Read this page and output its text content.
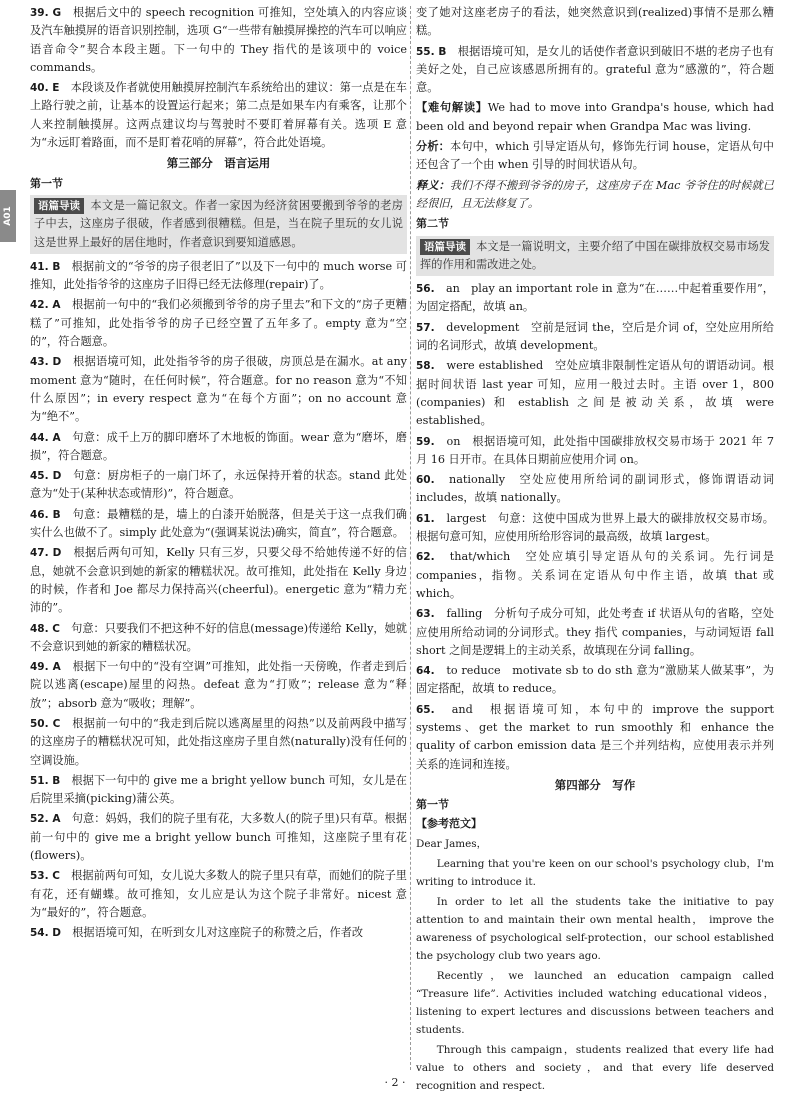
A01

39. G　 根据后文中的 speech recognition 可推知，空处填入的内容应谈及汽车触摸屏的语音识别控制，选项 G“一些带有触摸屏操控的汽车可以响应语音命令”契合本段主题。下一句中的 They 指代的是该项中的 voice commands。

40. E　 本段谈及作者就使用触摸屏控制汽车系统给出的建议：第一点是在车上路行驶之前，让基本的设置运行起来；第二点是如果车内有乘客，让那个人来控制触摸屏。这两点建议均与驾驶时不要盯着屏幕有关。选项 E 意为“永远盯着路面，而不是盯着花哨的屏幕”，符合此处语境。

第三部分　语言运用
第一节
语篇导读 本文是一篇记叙文。作者一家因为经济贫困要搬到爷爷的老房子中去，这座房子很破，作者感到很糟糕。但是，当在院子里玩的女儿说这是世界上最好的居住地时，作者意识到要知道感恩。

41. B　 根据前文的“爷爷的房子很老旧了”以及下一句中的 much worse 可推知，此处指爷爷的这座房子旧得已经无法修理(repair)了。

42. A　 根据前一句中的“我们必须搬到爷爷的房子里去”和下文的“房子更糟糕了”可推知，此处指爷爷的房子已经空置了五年多了。empty 意为“空的”，符合题意。

43. D　 根据语境可知，此处指爷爷的房子很破，房顶总是在漏水。at any moment 意为“随时，在任何时候”，符合题意。for no reason 意为“不知什么原因”；in every respect 意为“在每个方面”；on no account 意为“绝不”。

44. A　 句意：成千上万的脚印磨坏了木地板的饰面。wear 意为“磨坏，磨损”，符合题意。

45. D　 句意：厨房柜子的一扇门坏了，永远保持开着的状态。stand 此处意为“处于(某种状态或情形)”，符合题意。

46. B　 句意：最糟糕的是，墙上的白漆开始脱落，但是关于这一点我们确实什么也做不了。simply 此处意为“(强调某说法)确实，简直”，符合题意。

47. D　 根据后两句可知，Kelly 只有三岁，只要父母不给她传递不好的信息，她就不会意识到她的新家的糟糕状况。故可推知，此处指在 Kelly 身边的时候，作者和 Joe 都尽力保持高兴(cheerful)。energetic 意为“精力充沛的”。

48. C　 句意：只要我们不把这种不好的信息(message)传递给 Kelly，她就不会意识到她的新家的糟糕状况。

49. A　 根据下一句中的“没有空调”可推知，此处指一天傍晚，作者走到后院以逃离(escape)屋里的闷热。defeat 意为“打败”；release 意为“释放”；absorb 意为“吸收；理解”。

50. C　 根据前一句中的“我走到后院以逃离屋里的闷热”以及前两段中描写的这座房子的糟糕状况可知，此处指这座房子里自然(naturally)没有任何的空调设施。

51. B　 根据下一句中的 give me a bright yellow bunch 可知，女儿是在后院里采摘(picking)蒲公英。

52. A　 句意：妈妈，我们的院子里有花，大多数人(的院子里)只有草。根据前一句中的 give me a bright yellow bunch 可推知，这座院子里有花(flowers)。

53. C　 根据前两句可知，女儿说大多数人的院子里只有草，而她们的院子里有花，还有蝴蝶。故可推知，女儿应是认为这个院子非常好。nicest 意为“最好的”，符合题意。

54. D　 根据语境可知，在听到女儿对这座院子的称赞之后，作者改

变了她对这座老房子的看法，她突然意识到(realized)事情不是那么糟糕。

55. B　 根据语境可知，是女儿的话使作者意识到破旧不堪的老房子也有美好之处，自己应该感恩所拥有的。grateful 意为“感激的”，符合题意。

【难句解读】We had to move into Grandpa's house, which had been old and beyond repair when Grandpa Mac was living.

分析：本句中，which 引导定语从句，修饰先行词 house，定语从句中还包含了一个由 when 引导的时间状语从句。

释义：我们不得不搬到爷爷的房子，这座房子在 Mac 爷爷住的时候就已经很旧，且无法修复了。

第二节
语篇导读 本文是一篇说明文，主要介绍了中国在碳排放权交易市场发挥的作用和需改进之处。

56.　 an　play an important role in 意为“在……中起着重要作用”，为固定搭配，故填 an。

57.　 development　空前是冠词 the，空后是介词 of，空处应用所给词的名词形式，故填 development。

58.　 were established　空处应填非限制性定语从句的谓语动词。根据时间状语 last year 可知，应用一般过去时。主语 over 1，800 (companies) 和 establish 之间是被动关系，故填 were established。

59.　 on　根据语境可知，此处指中国碳排放权交易市场于 2021 年 7 月 16 日开市。在具体日期前应使用介词 on。

60.　 nationally　空处应使用所给词的副词形式，修饰谓语动词 includes，故填 nationally。

61.　 largest　句意：这使中国成为世界上最大的碳排放权交易市场。根据句意可知，应使用所给形容词的最高级，故填 largest。

62.　 that/which　空处应填引导定语从句的关系词。先行词是 companies，指物。关系词在定语从句中作主语，故填 that 或 which。

63.　 falling　分析句子成分可知，此处考查 if 状语从句的省略，空处应使用所给动词的分词形式。they 指代 companies，与动词短语 fall short 之间是逻辑上的主动关系，故填现在分词 falling。

64.　 to reduce　motivate sb to do sth 意为“激励某人做某事”，为固定搭配，故填 to reduce。

65.　 and　根据语境可知，本句中的 improve the support systems、get the market to run smoothly 和 enhance the quality of carbon emission data 是三个并列结构，应使用表示并列关系的连词和连接。

第四部分　写作
第一节
【参考范文】

Dear James，

Learning that you're keen on our school's psychology club，I'm writing to introduce it.

In order to let all the students take the initiative to pay attention to and maintain their own mental health， improve the awareness of psychological self-protection，our school established the psychology club two years ago.

Recently，we launched an education campaign called “Treasure life”. Activities included watching educational videos，listening to expert lectures and discussions between teachers and students.

Through this campaign，students realized that every life had value to others and society，and that every life deserved recognition and respect.

· 2 ·
